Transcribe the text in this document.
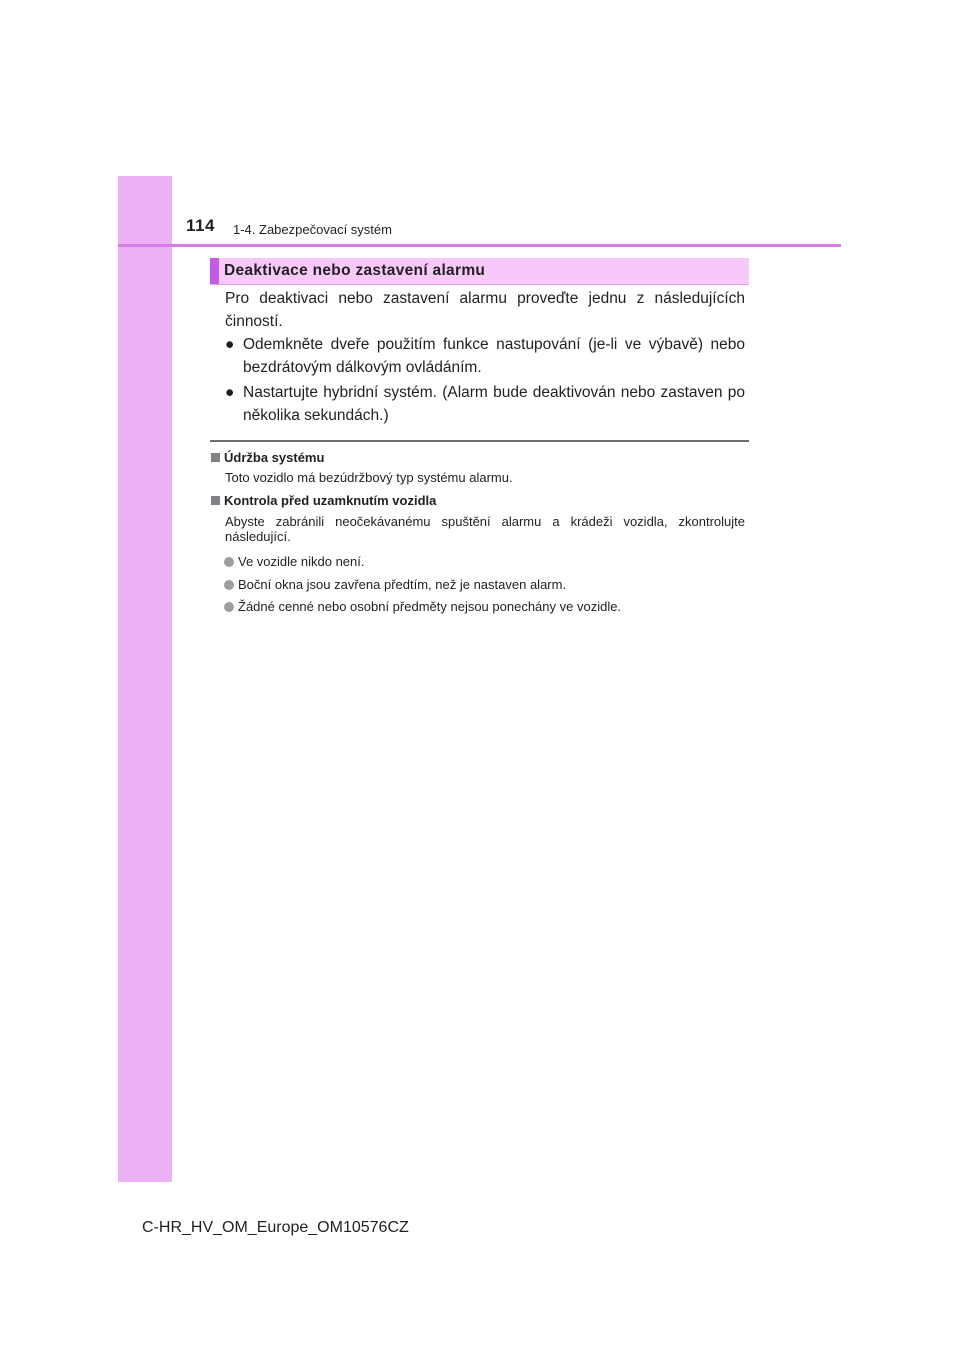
114 1-4. Zabezpečovací systém
Deaktivace nebo zastavení alarmu
Pro deaktivaci nebo zastavení alarmu proveďte jednu z následujících činností.
● Odemkněte dveře použitím funkce nastupování (je-li ve výbavě) nebo bezdrátovým dálkovým ovládáním.
● Nastartujte hybridní systém. (Alarm bude deaktivován nebo zastaven po několika sekundách.)
Údržba systému
Toto vozidlo má bezúdržbový typ systému alarmu.
Kontrola před uzamknutím vozidla
Abyste zabránili neočekávanému spuštění alarmu a krádeži vozidla, zkontrolujte následující.
Ve vozidle nikdo není.
Boční okna jsou zavřena předtím, než je nastaven alarm.
Žádné cenné nebo osobní předměty nejsou ponechány ve vozidle.
C-HR_HV_OM_Europe_OM10576CZ
